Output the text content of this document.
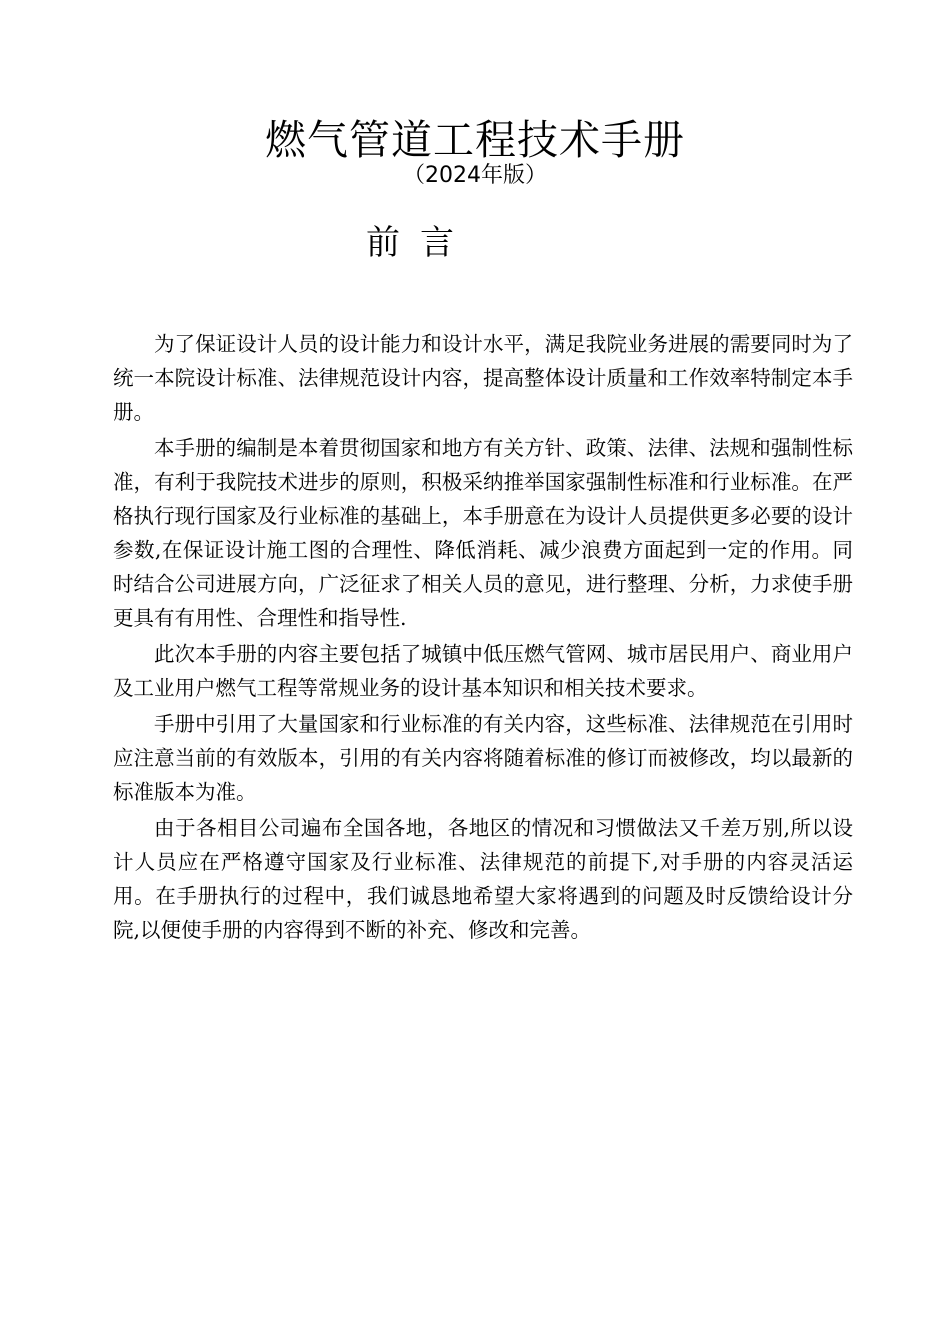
燃气管道工程技术手册
（2024年版）
前言

为了保证设计人员的设计能力和设计水平，满足我院业务进展的需要同时为了统一本院设计标准、法律规范设计内容，提高整体设计质量和工作效率特制定本手册。

本手册的编制是本着贯彻国家和地方有关方针、政策、法律、法规和强制性标准，有利于我院技术进步的原则，积极采纳推举国家强制性标准和行业标准。在严格执行现行国家及行业标准的基础上，本手册意在为设计人员提供更多必要的设计参数,在保证设计施工图的合理性、降低消耗、减少浪费方面起到一定的作用。同时结合公司进展方向，广泛征求了相关人员的意见，进行整理、分析，力求使手册更具有有用性、合理性和指导性.

此次本手册的内容主要包括了城镇中低压燃气管网、城市居民用户、商业用户及工业用户燃气工程等常规业务的设计基本知识和相关技术要求。

手册中引用了大量国家和行业标准的有关内容，这些标准、法律规范在引用时应注意当前的有效版本，引用的有关内容将随着标准的修订而被修改，均以最新的标准版本为准。

由于各相目公司遍布全国各地，各地区的情况和习惯做法又千差万别,所以设计人员应在严格遵守国家及行业标准、法律规范的前提下,对手册的内容灵活运用。在手册执行的过程中，我们诚恳地希望大家将遇到的问题及时反馈给设计分院,以便使手册的内容得到不断的补充、修改和完善。
